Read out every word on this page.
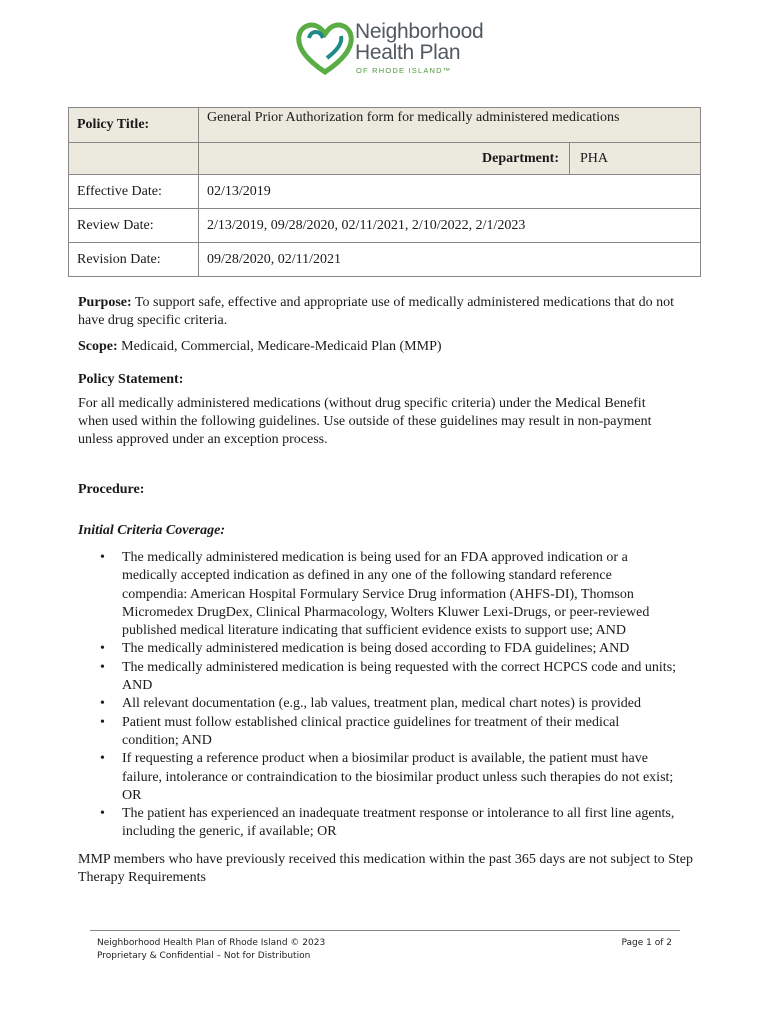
Neighborhood
Health Plan
OF RHODE ISLAND™
Policy Title:	General Prior Authorization form for medically administered medications

	Department: PHA

Effective Date:	02/13/2019
Review Date:	2/13/2019, 09/28/2020, 02/11/2021, 2/10/2022, 2/1/2023
Revision Date:	09/28/2020, 02/11/2021

Purpose: To support safe, effective and appropriate use of medically administered medications that do not have drug specific criteria.

Scope: Medicaid, Commercial, Medicare-Medicaid Plan (MMP)

Policy Statement:

For all medically administered medications (without drug specific criteria) under the Medical Benefit when used within the following guidelines. Use outside of these guidelines may result in non-payment unless approved under an exception process.

Procedure:

Initial Criteria Coverage:

• The medically administered medication is being used for an FDA approved indication or a medically accepted indication as defined in any one of the following standard reference compendia: American Hospital Formulary Service Drug information (AHFS-DI), Thomson Micromedex DrugDex, Clinical Pharmacology, Wolters Kluwer Lexi-Drugs, or peer-reviewed published medical literature indicating that sufficient evidence exists to support use; AND
• The medically administered medication is being dosed according to FDA guidelines; AND
• The medically administered medication is being requested with the correct HCPCS code and units; AND
• All relevant documentation (e.g., lab values, treatment plan, medical chart notes) is provided
• Patient must follow established clinical practice guidelines for treatment of their medical condition; AND
• If requesting a reference product when a biosimilar product is available, the patient must have failure, intolerance or contraindication to the biosimilar product unless such therapies do not exist; OR
• The patient has experienced an inadequate treatment response or intolerance to all first line agents, including the generic, if available; OR

MMP members who have previously received this medication within the past 365 days are not subject to Step Therapy Requirements

Neighborhood Health Plan of Rhode Island © 2023
Proprietary & Confidential – Not for Distribution
Page 1 of 2
